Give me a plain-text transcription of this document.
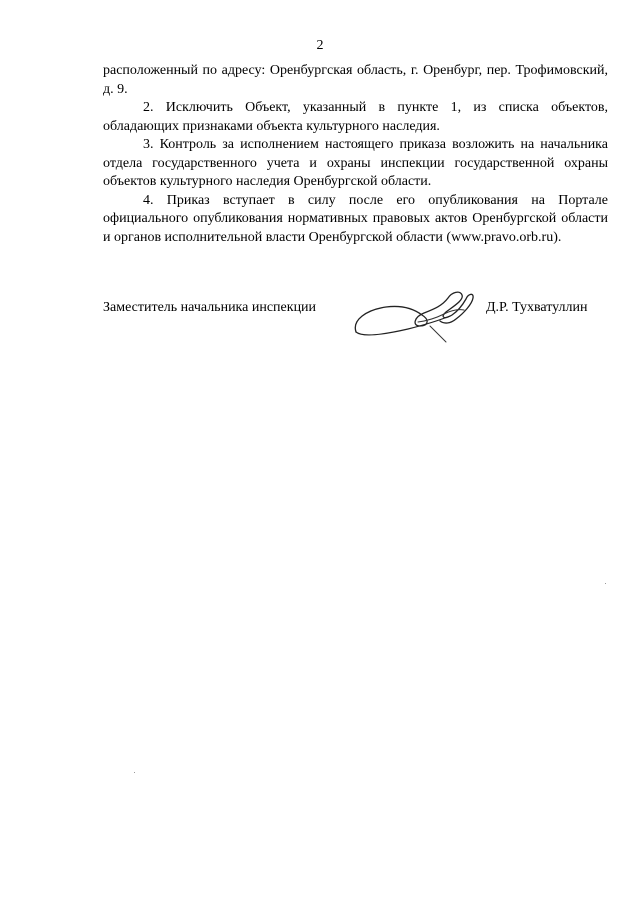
2

расположенный по адресу: Оренбургская область, г. Оренбург, пер. Трофимовский, д. 9.

2. Исключить Объект, указанный в пункте 1, из списка объектов, обладающих признаками объекта культурного наследия.

3. Контроль за исполнением настоящего приказа возложить на начальника отдела государственного учета и охраны инспекции государственной охраны объектов культурного наследия Оренбургской области.

4. Приказ вступает в силу после его опубликования на Портале официального опубликования нормативных правовых актов Оренбургской области и органов исполнительной власти Оренбургской области (www.pravo.orb.ru).

Заместитель начальника инспекции	Д.Р. Тухватуллин
